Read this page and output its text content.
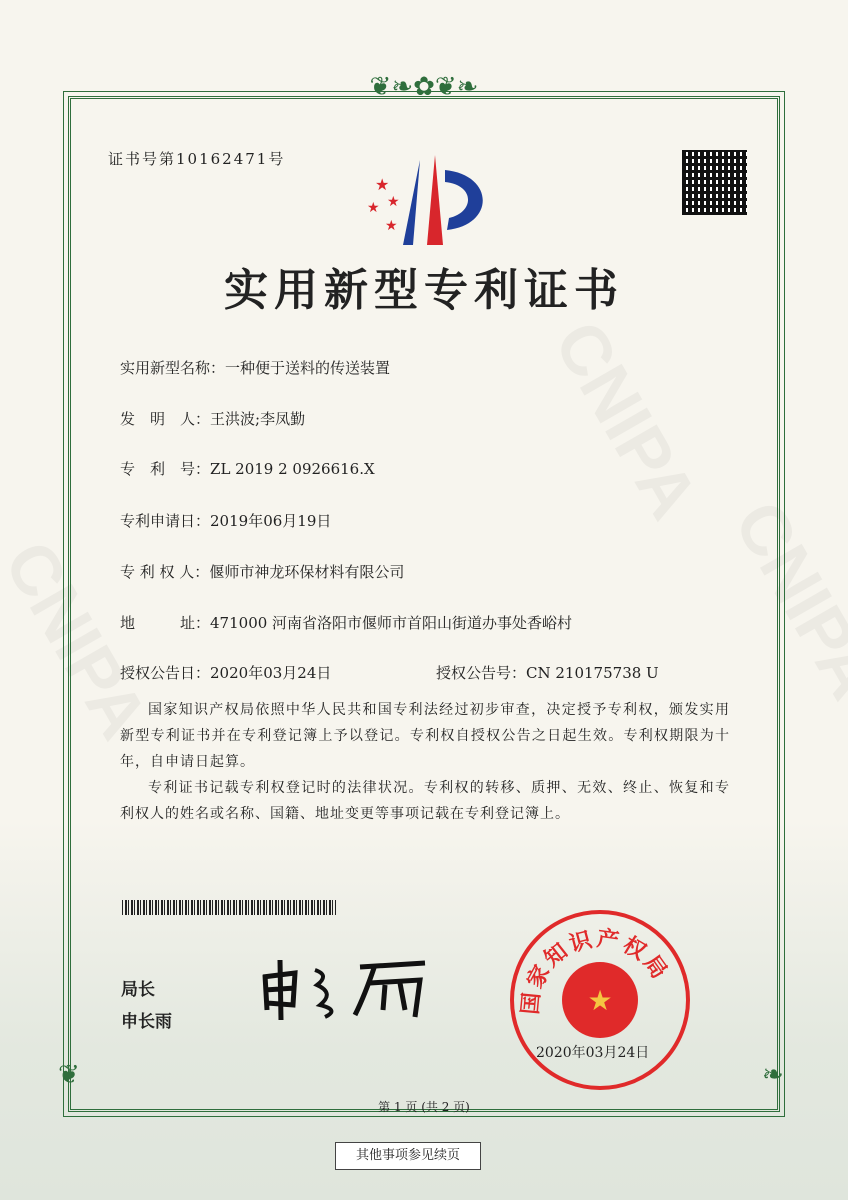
❦❧✿❦❧
❦	❧
证书号第10162471号
★
★ ★
★
实用新型专利证书
实用新型名称：一种便于送料的传送装置
发　明　人：王洪波;李凤勤
专　利　号：ZL 2019 2 0926616.X
专利申请日：2019年06月19日
专 利 权 人：偃师市神龙环保材料有限公司
地　　　址：471000 河南省洛阳市偃师市首阳山街道办事处香峪村
授权公告日：2020年03月24日	授权公告号：CN 210175738 U
国家知识产权局依照中华人民共和国专利法经过初步审查，决定授予专利权，颁发实用新型专利证书并在专利登记簿上予以登记。专利权自授权公告之日起生效。专利权期限为十年，自申请日起算。
专利证书记载专利权登记时的法律状况。专利权的转移、质押、无效、终止、恢复和专利权人的姓名或名称、国籍、地址变更等事项记载在专利登记簿上。
局长
申长雨
国家知识产权局
★
2020年03月24日
第 1 页 (共 2 页)
其他事项参见续页
